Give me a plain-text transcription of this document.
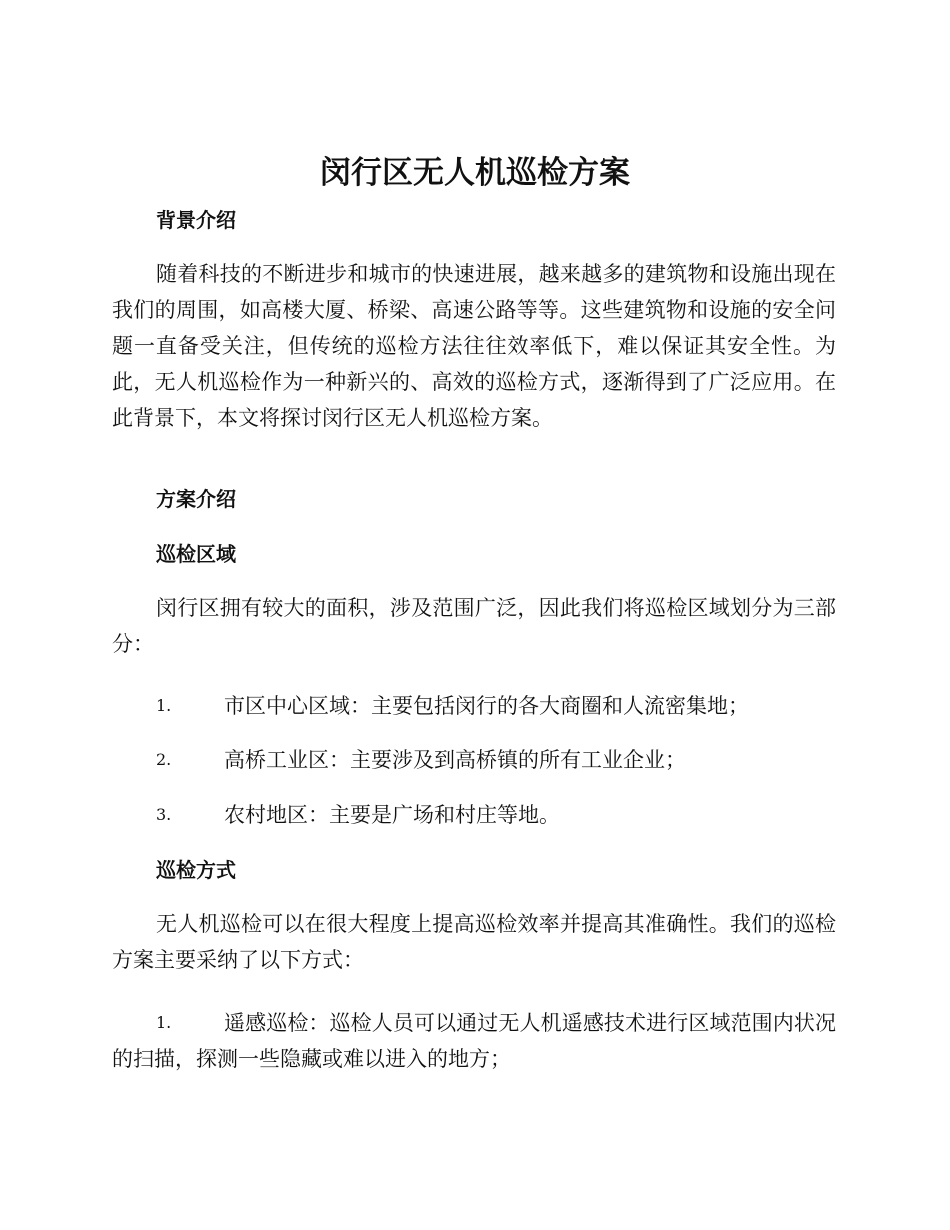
闵行区无人机巡检方案
背景介绍

随着科技的不断进步和城市的快速进展，越来越多的建筑物和设施出现在我们的周围，如高楼大厦、桥梁、高速公路等等。这些建筑物和设施的安全问题一直备受关注，但传统的巡检方法往往效率低下，难以保证其安全性。为此，无人机巡检作为一种新兴的、高效的巡检方式，逐渐得到了广泛应用。在此背景下，本文将探讨闵行区无人机巡检方案。

方案介绍
巡检区域

闵行区拥有较大的面积，涉及范围广泛，因此我们将巡检区域划分为三部分：

1.	市区中心区域：主要包括闵行的各大商圈和人流密集地；
2.	高桥工业区：主要涉及到高桥镇的所有工业企业；
3.	农村地区：主要是广场和村庄等地。
巡检方式

无人机巡检可以在很大程度上提高巡检效率并提高其准确性。我们的巡检方案主要采纳了以下方式：

1.	遥感巡检：巡检人员可以通过无人机遥感技术进行区域范围内状况的扫描，探测一些隐藏或难以进入的地方；
